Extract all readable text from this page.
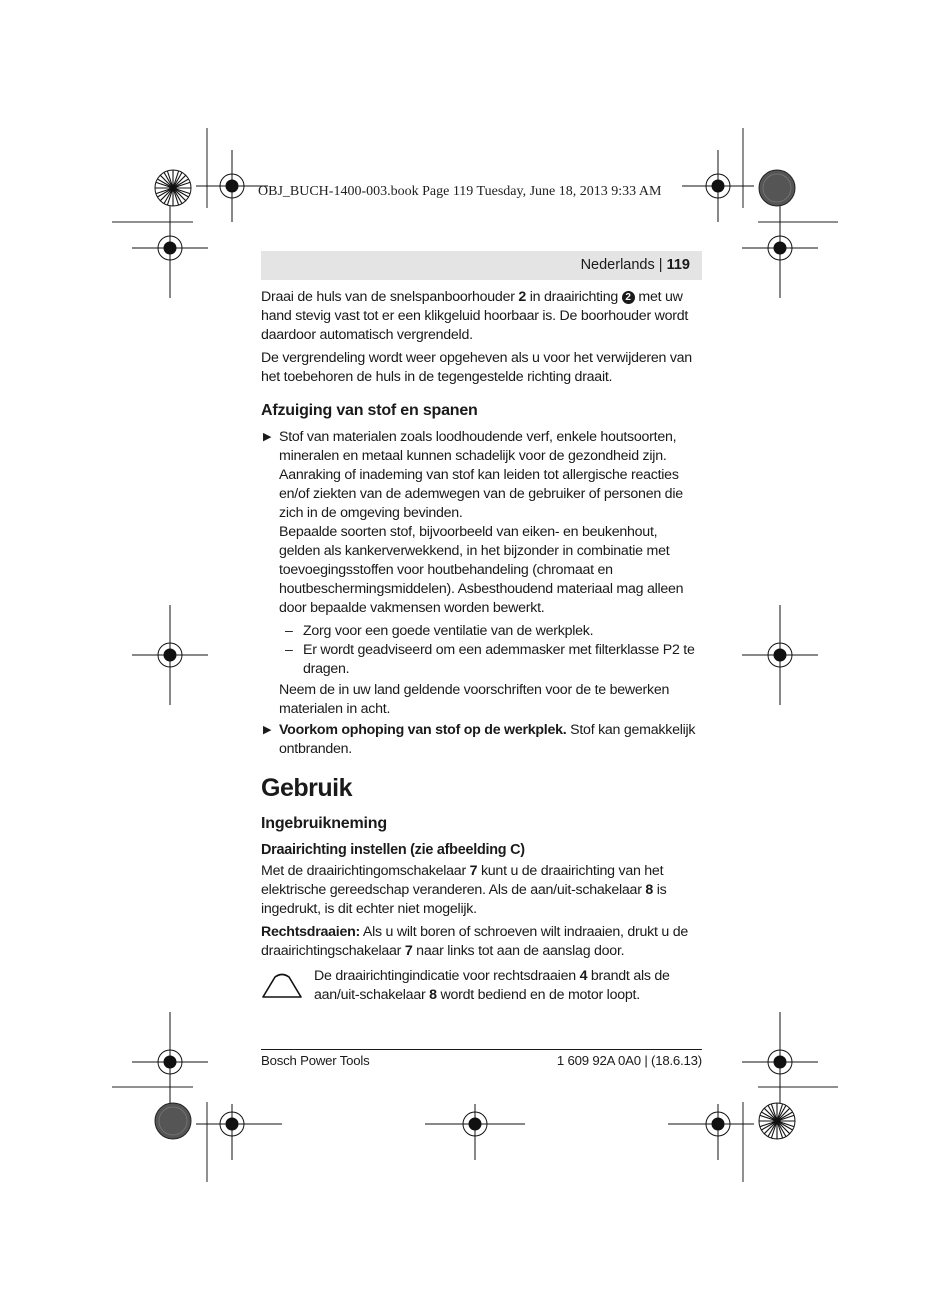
OBJ_BUCH-1400-003.book Page 119 Tuesday, June 18, 2013 9:33 AM
Nederlands | 119

Draai de huls van de snelspanboorhouder 2 in draairichting 2 met uw hand stevig vast tot er een klikgeluid hoorbaar is. De boorhouder wordt daardoor automatisch vergrendeld.

De vergrendeling wordt weer opgeheven als u voor het verwijderen van het toebehoren de huls in de tegengestelde richting draait.

Afzuiging van stof en spanen
▶ Stof van materialen zoals loodhoudende verf, enkele houtsoorten, mineralen en metaal kunnen schadelijk voor de gezondheid zijn. Aanraking of inademing van stof kan leiden tot allergische reacties en/of ziekten van de ademwegen van de gebruiker of personen die zich in de omgeving bevinden.

Bepaalde soorten stof, bijvoorbeeld van eiken- en beukenhout, gelden als kankerverwekkend, in het bijzonder in combinatie met toevoegingsstoffen voor houtbehandeling (chromaat en houtbeschermingsmiddelen). Asbesthoudend materiaal mag alleen door bepaalde vakmensen worden bewerkt.

– Zorg voor een goede ventilatie van de werkplek.
– Er wordt geadviseerd om een ademmasker met filterklasse P2 te dragen.

Neem de in uw land geldende voorschriften voor de te bewerken materialen in acht.

▶ Voorkom ophoping van stof op de werkplek. Stof kan gemakkelijk ontbranden.
Gebruik
Ingebruikneming
Draairichting instellen (zie afbeelding C)

Met de draairichtingomschakelaar 7 kunt u de draairichting van het elektrische gereedschap veranderen. Als de aan/uit-schakelaar 8 is ingedrukt, is dit echter niet mogelijk.

Rechtsdraaien: Als u wilt boren of schroeven wilt indraaien, drukt u de draairichtingschakelaar 7 naar links tot aan de aanslag door.

De draairichtingindicatie voor rechtsdraaien 4 brandt als de aan/uit-schakelaar 8 wordt bediend en de motor loopt.
Bosch Power Tools	1 609 92A 0A0 | (18.6.13)
